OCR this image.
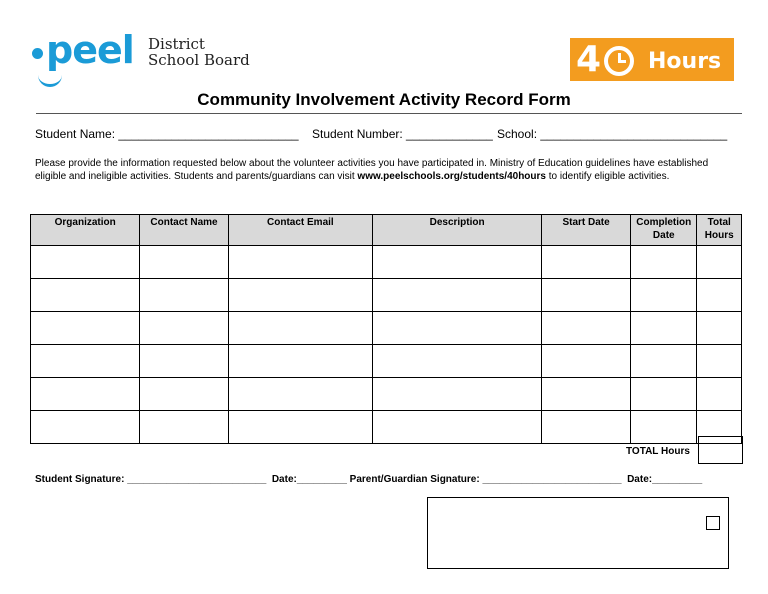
peel District
School Board	4 Hours
Community Involvement Activity Record Form
Student Name: ___________________________ Student Number: _____________ School: ____________________________
Please provide the information requested below about the volunteer activities you have participated in. Ministry of Education guidelines have established eligible and ineligible activities. Students and parents/guardians can visit www.peelschools.org/students/40hours to identify eligible activities.
Organization	Contact Name	Contact Email	Description	Start Date	Completion Date	Total Hours

TOTAL Hours
Student Signature: _________________________ Date:_________ Parent/Guardian Signature: _________________________ Date:_________
